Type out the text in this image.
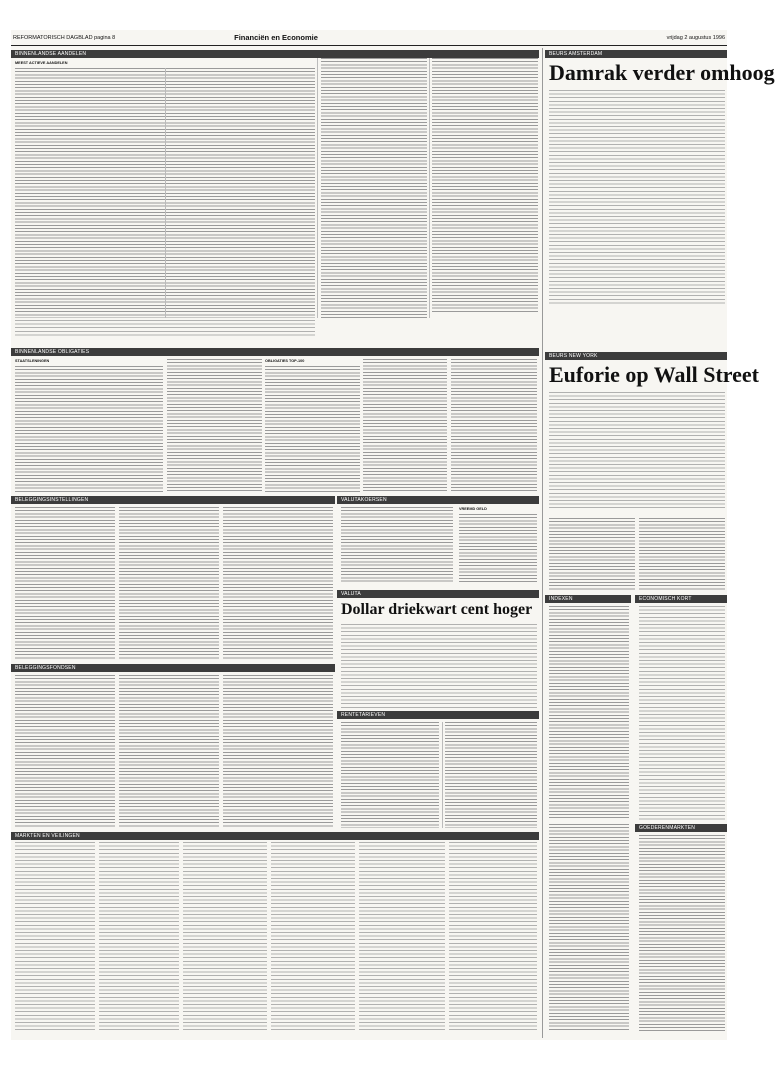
REFORMATORISCH DAGBLAD pagina 8	Financiën en Economie	vrijdag 2 augustus 1996
BINNENLANDSE AANDELEN
MEEST ACTIEVE AANDELEN
BINNENLANDSE OBLIGATIES
STAATSLENINGEN	OBLIGATIES TOP-100
BELEGGINGSINSTELLINGEN	VALUTAKOERSEN
VREEMD GELD
VALUTA
Dollar driekwart cent hoger
BELEGGINGSFONDSEN
RENTETARIEVEN
MARKTEN EN VEILINGEN
BEURS AMSTERDAM
Damrak verder omhoog
BEURS NEW YORK
Euforie op Wall Street
INDEXEN	ECONOMISCH KORT
GOEDERENMARKTEN
